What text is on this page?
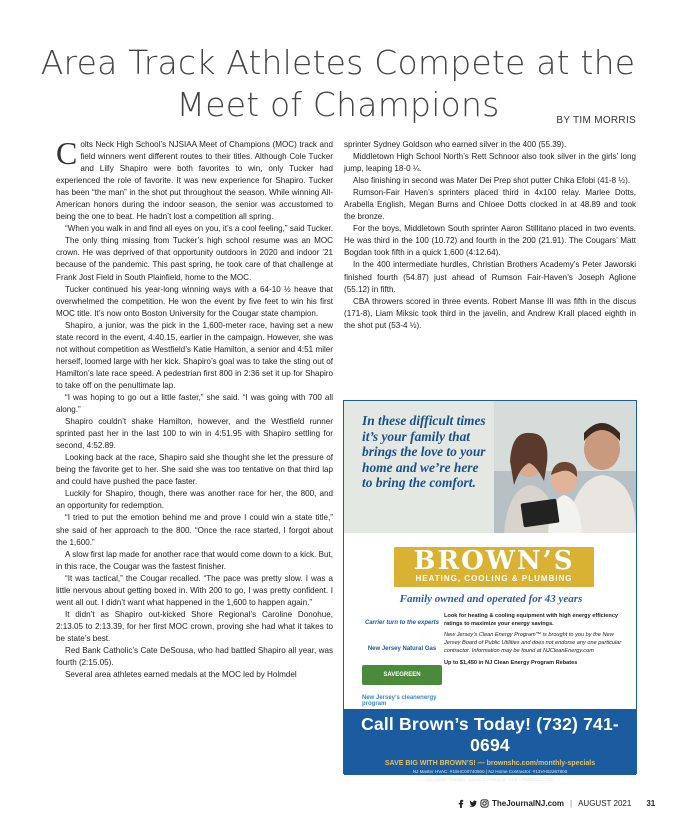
Area Track Athletes Compete at the
Meet of Champions	BY TIM MORRIS

Colts Neck High School’s NJSIAA Meet of Champions (MOC) track and field winners went different routes to their titles. Although Cole Tucker and Lilly Shapiro were both favorites to win, only Tucker had experienced the role of favorite. It was new experience for Shapiro. Tucker has been “the man” in the shot put throughout the season. While winning All-American honors during the indoor season, the senior was accustomed to being the one to beat. He hadn’t lost a competition all spring.

“When you walk in and find all eyes on you, it’s a cool feeling,” said Tucker.

The only thing missing from Tucker’s high school resume was an MOC crown. He was deprived of that opportunity outdoors in 2020 and indoor ’21 because of the pandemic. This past spring, he took care of that challenge at Frank Jost Field in South Plainfield, home to the MOC.

Tucker continued his year-long winning ways with a 64-10 ½ heave that overwhelmed the competition. He won the event by five feet to win his first MOC title. It’s now onto Boston University for the Cougar state champion.

Shapiro, a junior, was the pick in the 1,600-meter race, having set a new state record in the event, 4:40.15, earlier in the campaign. However, she was not without competition as Westfield’s Katie Hamilton, a senior and 4:51 miler herself, loomed large with her kick. Shapiro’s goal was to take the sting out of Hamilton’s late race speed. A pedestrian first 800 in 2:36 set it up for Shapiro to take off on the penultimate lap.

“I was hoping to go out a little faster,” she said. “I was going with 700 all along.”

Shapiro couldn’t shake Hamilton, however, and the Westfield runner sprinted past her in the last 100 to win in 4:51.95 with Shapiro settling for second, 4:52.89.

Looking back at the race, Shapiro said she thought she let the pressure of being the favorite get to her. She said she was too tentative on that third lap and could have pushed the pace faster.

Luckily for Shapiro, though, there was another race for her, the 800, and an opportunity for redemption.

“I tried to put the emotion behind me and prove I could win a state title,” she said of her approach to the 800. “Once the race started, I forgot about the 1,600.”

A slow first lap made for another race that would come down to a kick. But, in this race, the Cougar was the fastest finisher.

“It was tactical,” the Cougar recalled. “The pace was pretty slow. I was a little nervous about getting boxed in. With 200 to go, I was pretty confident. I went all out. I didn’t want what happened in the 1,600 to happen again.”

It didn’t as Shapiro out-kicked Shore Regional’s Caroline Donohue, 2:13.05 to 2:13.39, for her first MOC crown, proving she had what it takes to be state’s best.

Red Bank Catholic’s Cate DeSousa, who had battled Shapiro all year, was fourth (2:15.05).

Several area athletes earned medals at the MOC led by Holmdel

sprinter Sydney Goldson who earned silver in the 400 (55.39).

Middletown High School North’s Rett Schnoor also took silver in the girls’ long jump, leaping 18-0 ¼.

Also finishing in second was Mater Dei Prep shot putter Chika Efobi (41-8 ½).

Rumson-Fair Haven’s sprinters placed third in 4x100 relay. Marlee Dotts, Arabella English, Megan Burns and Chloee Dotts clocked in at 48.89 and took the bronze.

For the boys, Middletown South sprinter Aaron Stillitano placed in two events. He was third in the 100 (10.72) and fourth in the 200 (21.91). The Cougars’ Matt Bogdan took fifth in a quick 1,600 (4:12.64).

In the 400 intermediate hurdles, Christian Brothers Academy’s Peter Jaworski finished fourth (54.87) just ahead of Rumson Fair-Haven’s Joseph Aglione (55.12) in fifth.

CBA throwers scored in three events. Robert Manse III was fifth in the discus (171-8), Liam Miksic took third in the javelin, and Andrew Krall placed eighth in the shot put (53-4 ½).

In these difficult times it’s your family that brings the love to your home and we’re here to bring the comfort.
BROWN’S
HEATING, COOLING & PLUMBING
Family owned and operated for 43 years
Carrier turn to the experts
New Jersey Natural Gas
SAVEGREEN
New Jersey’s cleanenergy program

Look for heating & cooling equipment with high energy efficiency ratings to maximize your energy savings.

New Jersey’s Clean Energy Program™ is brought to you by the New Jersey Board of Public Utilities and does not endorse any one particular contractor. Information may be found at NJCleanEnergy.com

Up to $1,450 in NJ Clean Energy Program Rebates

Call Brown’s Today! (732) 741-0694
SAVE BIG WITH BROWN’S! — brownshc.com/monthly-specials
NJ Master HVAC: #19HC00740600 | NJ Home Contractor: #13VH02267800
NJ Master Plumber, James D’Annunzio NJ lic. #36BI01277500
TheJournalNJ.com | AUGUST 2021 31
